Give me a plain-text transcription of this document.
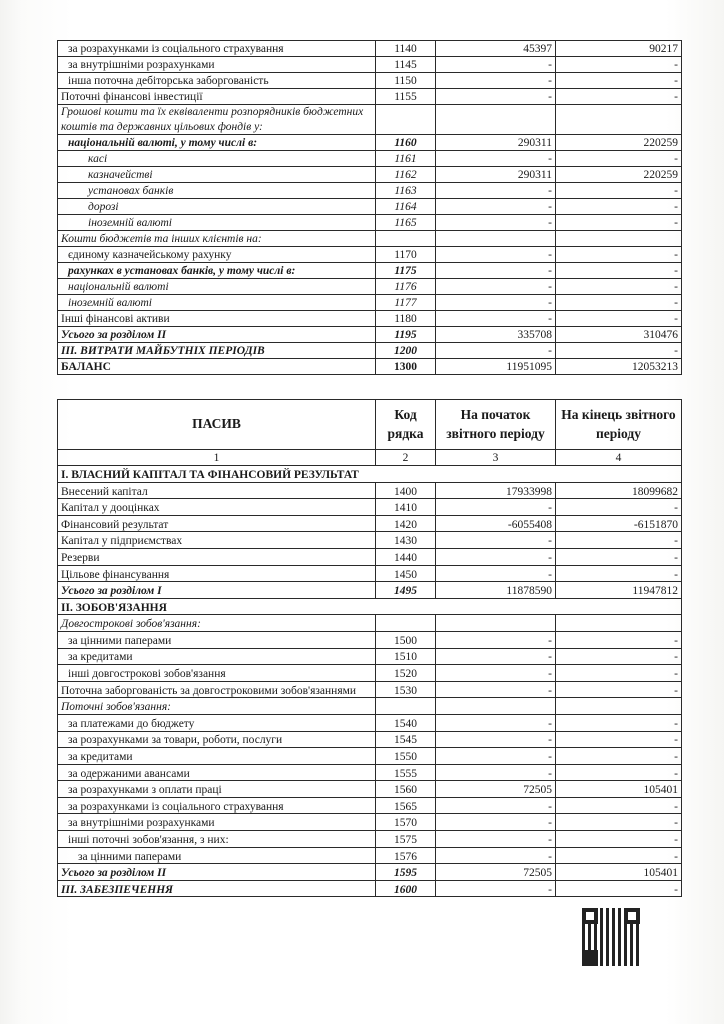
за розрахунками із соціального страхування	1140	45397	90217
за внутрішніми розрахунками	1145	-	-
інша поточна дебіторська заборгованість	1150	-	-
Поточні фінансові інвестиції	1155	-	-
Грошові кошти та їх еквіваленти розпорядників бюджетних коштів та державних цільових фондів у:			
національній валюті, у тому числі в:	1160	290311	220259
касі	1161	-	-
казначействі	1162	290311	220259
установах банків	1163	-	-
дорозі	1164	-	-
іноземній валюті	1165	-	-
Кошти бюджетів та інших клієнтів на:			
єдиному казначейському рахунку	1170	-	-
рахунках в установах банків, у тому числі в:	1175	-	-
національній валюті	1176	-	-
іноземній валюті	1177	-	-
Інші фінансові активи	1180	-	-
Усього за розділом II	1195	335708	310476
III. ВИТРАТИ МАЙБУТНІХ ПЕРІОДІВ	1200	-	-
БАЛАНС	1300	11951095	12053213
ПАСИВ	Код рядка	На початок звітного періоду	На кінець звітного періоду
1	2	3	4
I. ВЛАСНИЙ КАПІТАЛ ТА ФІНАНСОВИЙ РЕЗУЛЬТАТ			
Внесений капітал	1400	17933998	18099682
Капітал у дооцінках	1410	-	-
Фінансовий результат	1420	-6055408	-6151870
Капітал у підприємствах	1430	-	-
Резерви	1440	-	-
Цільове фінансування	1450	-	-
Усього за розділом I	1495	11878590	11947812
II. ЗОБОВ'ЯЗАННЯ			
Довгострокові зобов'язання:			
за цінними паперами	1500	-	-
за кредитами	1510	-	-
інші довгострокові зобов'язання	1520	-	-
Поточна заборгованість за довгостроковими зобов'язаннями	1530	-	-
Поточні зобов'язання:			
за платежами до бюджету	1540	-	-
за розрахунками за товари, роботи, послуги	1545	-	-
за кредитами	1550	-	-
за одержаними авансами	1555	-	-
за розрахунками з оплати праці	1560	72505	105401
за розрахунками із соціального страхування	1565	-	-
за внутрішніми розрахунками	1570	-	-
інші поточні зобов'язання, з них:	1575	-	-
за цінними паперами	1576	-	-
Усього за розділом II	1595	72505	105401
III. ЗАБЕЗПЕЧЕННЯ	1600	-	-
